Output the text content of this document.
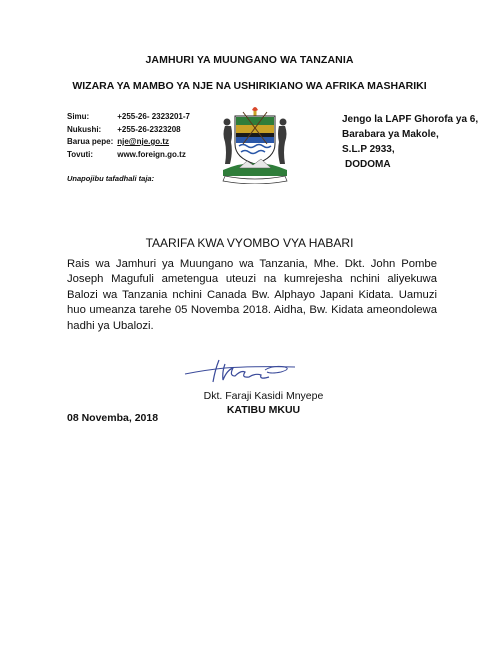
JAMHURI YA MUUNGANO WA TANZANIA
WIZARA YA MAMBO YA NJE NA USHIRIKIANO WA AFRIKA MASHARIKI
Simu:	+255-26- 2323201-7
Nukushi: +255-26-2323208
Barua pepe: nje@nje.go.tz
Tovuti:	www.foreign.go.tz
Jengo la LAPF Ghorofa ya 6,
Barabara ya Makole,
S.L.P 2933,
DODOMA
Unapojibu tafadhali taja:
TAARIFA KWA VYOMBO VYA HABARI
Rais wa Jamhuri ya Muungano wa Tanzania, Mhe. Dkt. John Pombe Joseph Magufuli ametengua uteuzi na kumrejesha nchini aliyekuwa Balozi wa Tanzania nchini Canada Bw. Alphayo Japani Kidata. Uamuzi huo umeanza tarehe 05 Novemba 2018. Aidha, Bw. Kidata ameondolewa hadhi ya Ubalozi.
Dkt. Faraji Kasidi Mnyepe
KATIBU MKUU
08 Novemba, 2018
